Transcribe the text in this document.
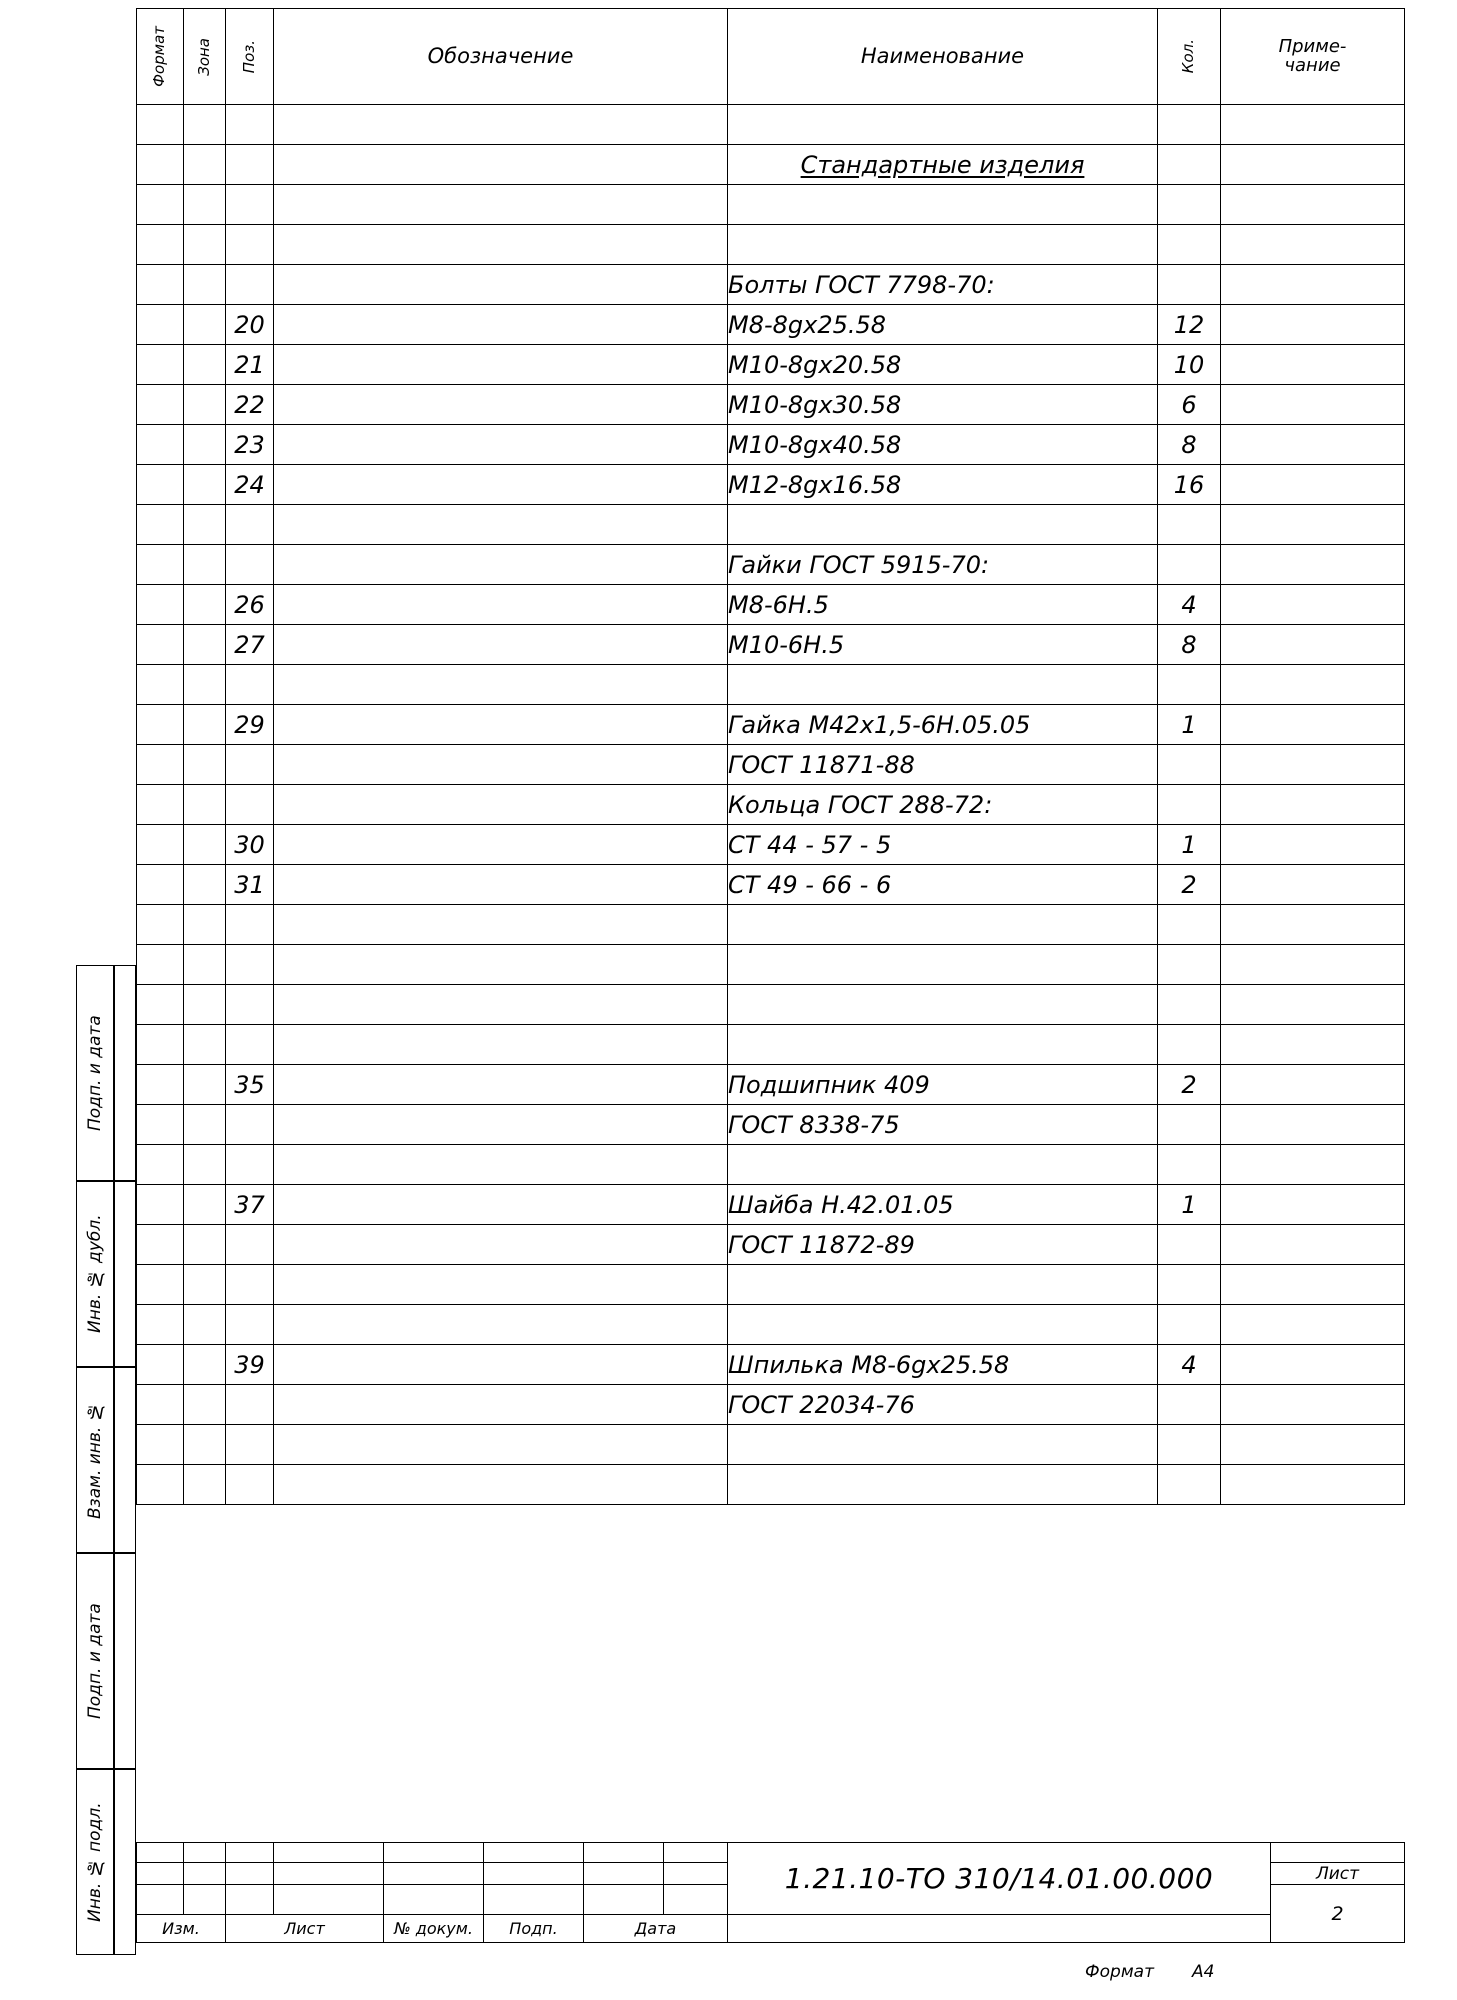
Подп. и дата
Инв. № дубл.
Взам. инв. №
Подп. и дата
Инв. № подл.
Формат	Зона	Поз.	Обозначение	Наименование	Кол.	Приме-
чание

				Стандартные изделия		

				Болты ГОСТ 7798-70:		
		20		М8-8gх25.58	12	
		21		М10-8gх20.58	10	
		22		М10-8gх30.58	6	
		23		М10-8gх40.58	8	
		24		М12-8gх16.58	16	

				Гайки ГОСТ 5915-70:		
		26		М8-6Н.5	4	
		27		М10-6Н.5	8	

		29		Гайка М42х1,5-6Н.05.05	1	
				ГОСТ 11871-88		
				Кольца ГОСТ 288-72:		
		30		СТ 44 - 57 - 5	1	
		31		СТ 49 - 66 - 6	2	

		35		Подшипник 409	2	
				ГОСТ 8338-75		

		37		Шайба Н.42.01.05	1	
				ГОСТ 11872-89		

		39		Шпилька М8-6gх25.58	4	
				ГОСТ 22034-76		

								1.21.10-ТО 310/14.01.00.000	
									Лист
									2
Изм.		Лист		№ докум.	Подп.	Дата			
Формат А4
